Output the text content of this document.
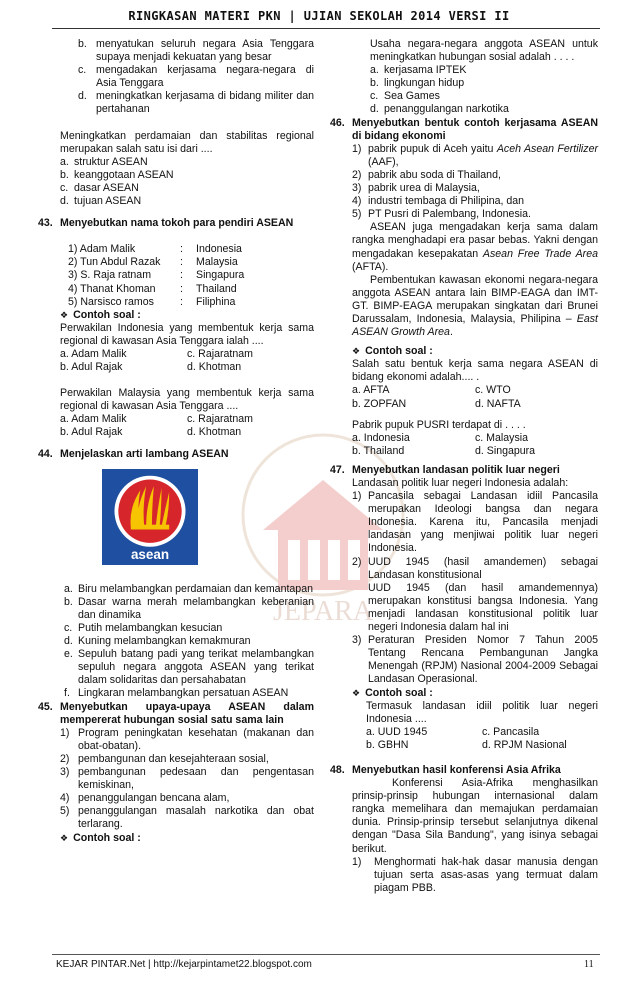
RINGKASAN MATERI PKN | UJIAN SEKOLAH 2014 VERSI II
JEPARA
b. menyatukan seluruh negara Asia Tenggara supaya menjadi kekuatan yang besar
c. mengadakan kerjasama negara-negara di Asia Tenggara
d. meningkatkan kerjasama di bidang militer dan pertahanan
Meningkatkan perdamaian dan stabilitas regional merupakan salah satu isi dari ....
a. struktur ASEAN
b. keanggotaan ASEAN
c. dasar ASEAN
d. tujuan ASEAN
43. Menyebutkan nama tokoh para pendiri ASEAN
1) Adam Malik	:	Indonesia
2) Tun Abdul Razak	:	Malaysia
3) S. Raja ratnam	:	Singapura
4) Thanat Khoman	:	Thailand
5) Narsisco ramos	:	Filiphina
❖ Contoh soal :
Perwakilan Indonesia yang membentuk kerja sama regional di kawasan Asia Tenggara ialah ....
a. Adam Malik	c. Rajaratnam
b. Adul Rajak	d. Khotman
Perwakilan Malaysia yang membentuk kerja sama regional di kawasan Asia Tenggara ....
a. Adam Malik	c. Rajaratnam
b. Adul Rajak	d. Khotman
44. Menjelaskan arti lambang ASEAN
asean
a. Biru melambangkan perdamaian dan kemantapan
b. Dasar warna merah melambangkan keberanian dan dinamika
c. Putih melambangkan kesucian
d. Kuning melambangkan kemakmuran
e. Sepuluh batang padi yang terikat melambangkan sepuluh negara anggota ASEAN yang terikat dalam solidaritas dan persahabatan
f. Lingkaran melambangkan persatuan ASEAN
45. Menyebutkan upaya-upaya ASEAN dalam mempererat hubungan sosial satu sama lain
1) Program peningkatan kesehatan (makanan dan obat-obatan).
2) pembangunan dan kesejahteraan sosial,
3) pembangunan pedesaan dan pengentasan kemiskinan,
4) penanggulangan bencana alam,
5) penanggulangan masalah narkotika dan obat terlarang.
❖ Contoh soal :
Usaha negara-negara anggota ASEAN untuk meningkatkan hubungan sosial adalah . . . .
a. kerjasama IPTEK
b. lingkungan hidup
c. Sea Games
d. penanggulangan narkotika
46. Menyebutkan bentuk contoh kerjasama ASEAN di bidang ekonomi
1) pabrik pupuk di Aceh yaitu Aceh Asean Fertilizer (AAF),
2) pabrik abu soda di Thailand,
3) pabrik urea di Malaysia,
4) industri tembaga di Philipina, dan
5) PT Pusri di Palembang, Indonesia.
ASEAN juga mengadakan kerja sama dalam rangka menghadapi era pasar bebas. Yakni dengan mengadakan kesepakatan Asean Free Trade Area (AFTA).
Pembentukan kawasan ekonomi negara-negara anggota ASEAN antara lain BIMP-EAGA dan IMT-GT. BIMP-EAGA merupakan singkatan dari Brunei Darussalam, Indonesia, Malaysia, Philipina – East ASEAN Growth Area.
❖ Contoh soal :
Salah satu bentuk kerja sama negara ASEAN di bidang ekonomi adalah.... .
a. AFTA	c. WTO
b. ZOPFAN	d. NAFTA
Pabrik pupuk PUSRI terdapat di . . . .
a. Indonesia	c. Malaysia
b. Thailand	d. Singapura
47. Menyebutkan landasan politik luar negeri
Landasan politik luar negeri Indonesia adalah:
1) Pancasila sebagai Landasan idiil Pancasila merupakan Ideologi bangsa dan negara Indonesia. Karena itu, Pancasila menjadi landasan yang menjiwai politik luar negeri Indonesia.
2) UUD 1945 (hasil amandemen) sebagai Landasan konstitusional
UUD 1945 (dan hasil amandemennya) merupakan konstitusi bangsa Indonesia. Yang menjadi landasan konstitusional politik luar negeri Indonesia dalam hal ini
3) Peraturan Presiden Nomor 7 Tahun 2005 Tentang Rencana Pembangunan Jangka Menengah (RPJM) Nasional 2004-2009 Sebagai Landasan Operasional.
❖ Contoh soal :
Termasuk landasan idiil politik luar negeri Indonesia ....
a. UUD 1945	c. Pancasila
b. GBHN	d. RPJM Nasional
48. Menyebutkan hasil konferensi Asia Afrika
Konferensi Asia-Afrika menghasilkan prinsip-prinsip hubungan internasional dalam rangka memelihara dan memajukan perdamaian dunia. Prinsip-prinsip tersebut selanjutnya dikenal dengan "Dasa Sila Bandung", yang isinya sebagai berikut.
1)	Menghormati hak-hak dasar manusia dengan tujuan serta asas-asas yang termuat dalam piagam PBB.
KEJAR PINTAR.Net | http://kejarpintamet22.blogspot.com	11
